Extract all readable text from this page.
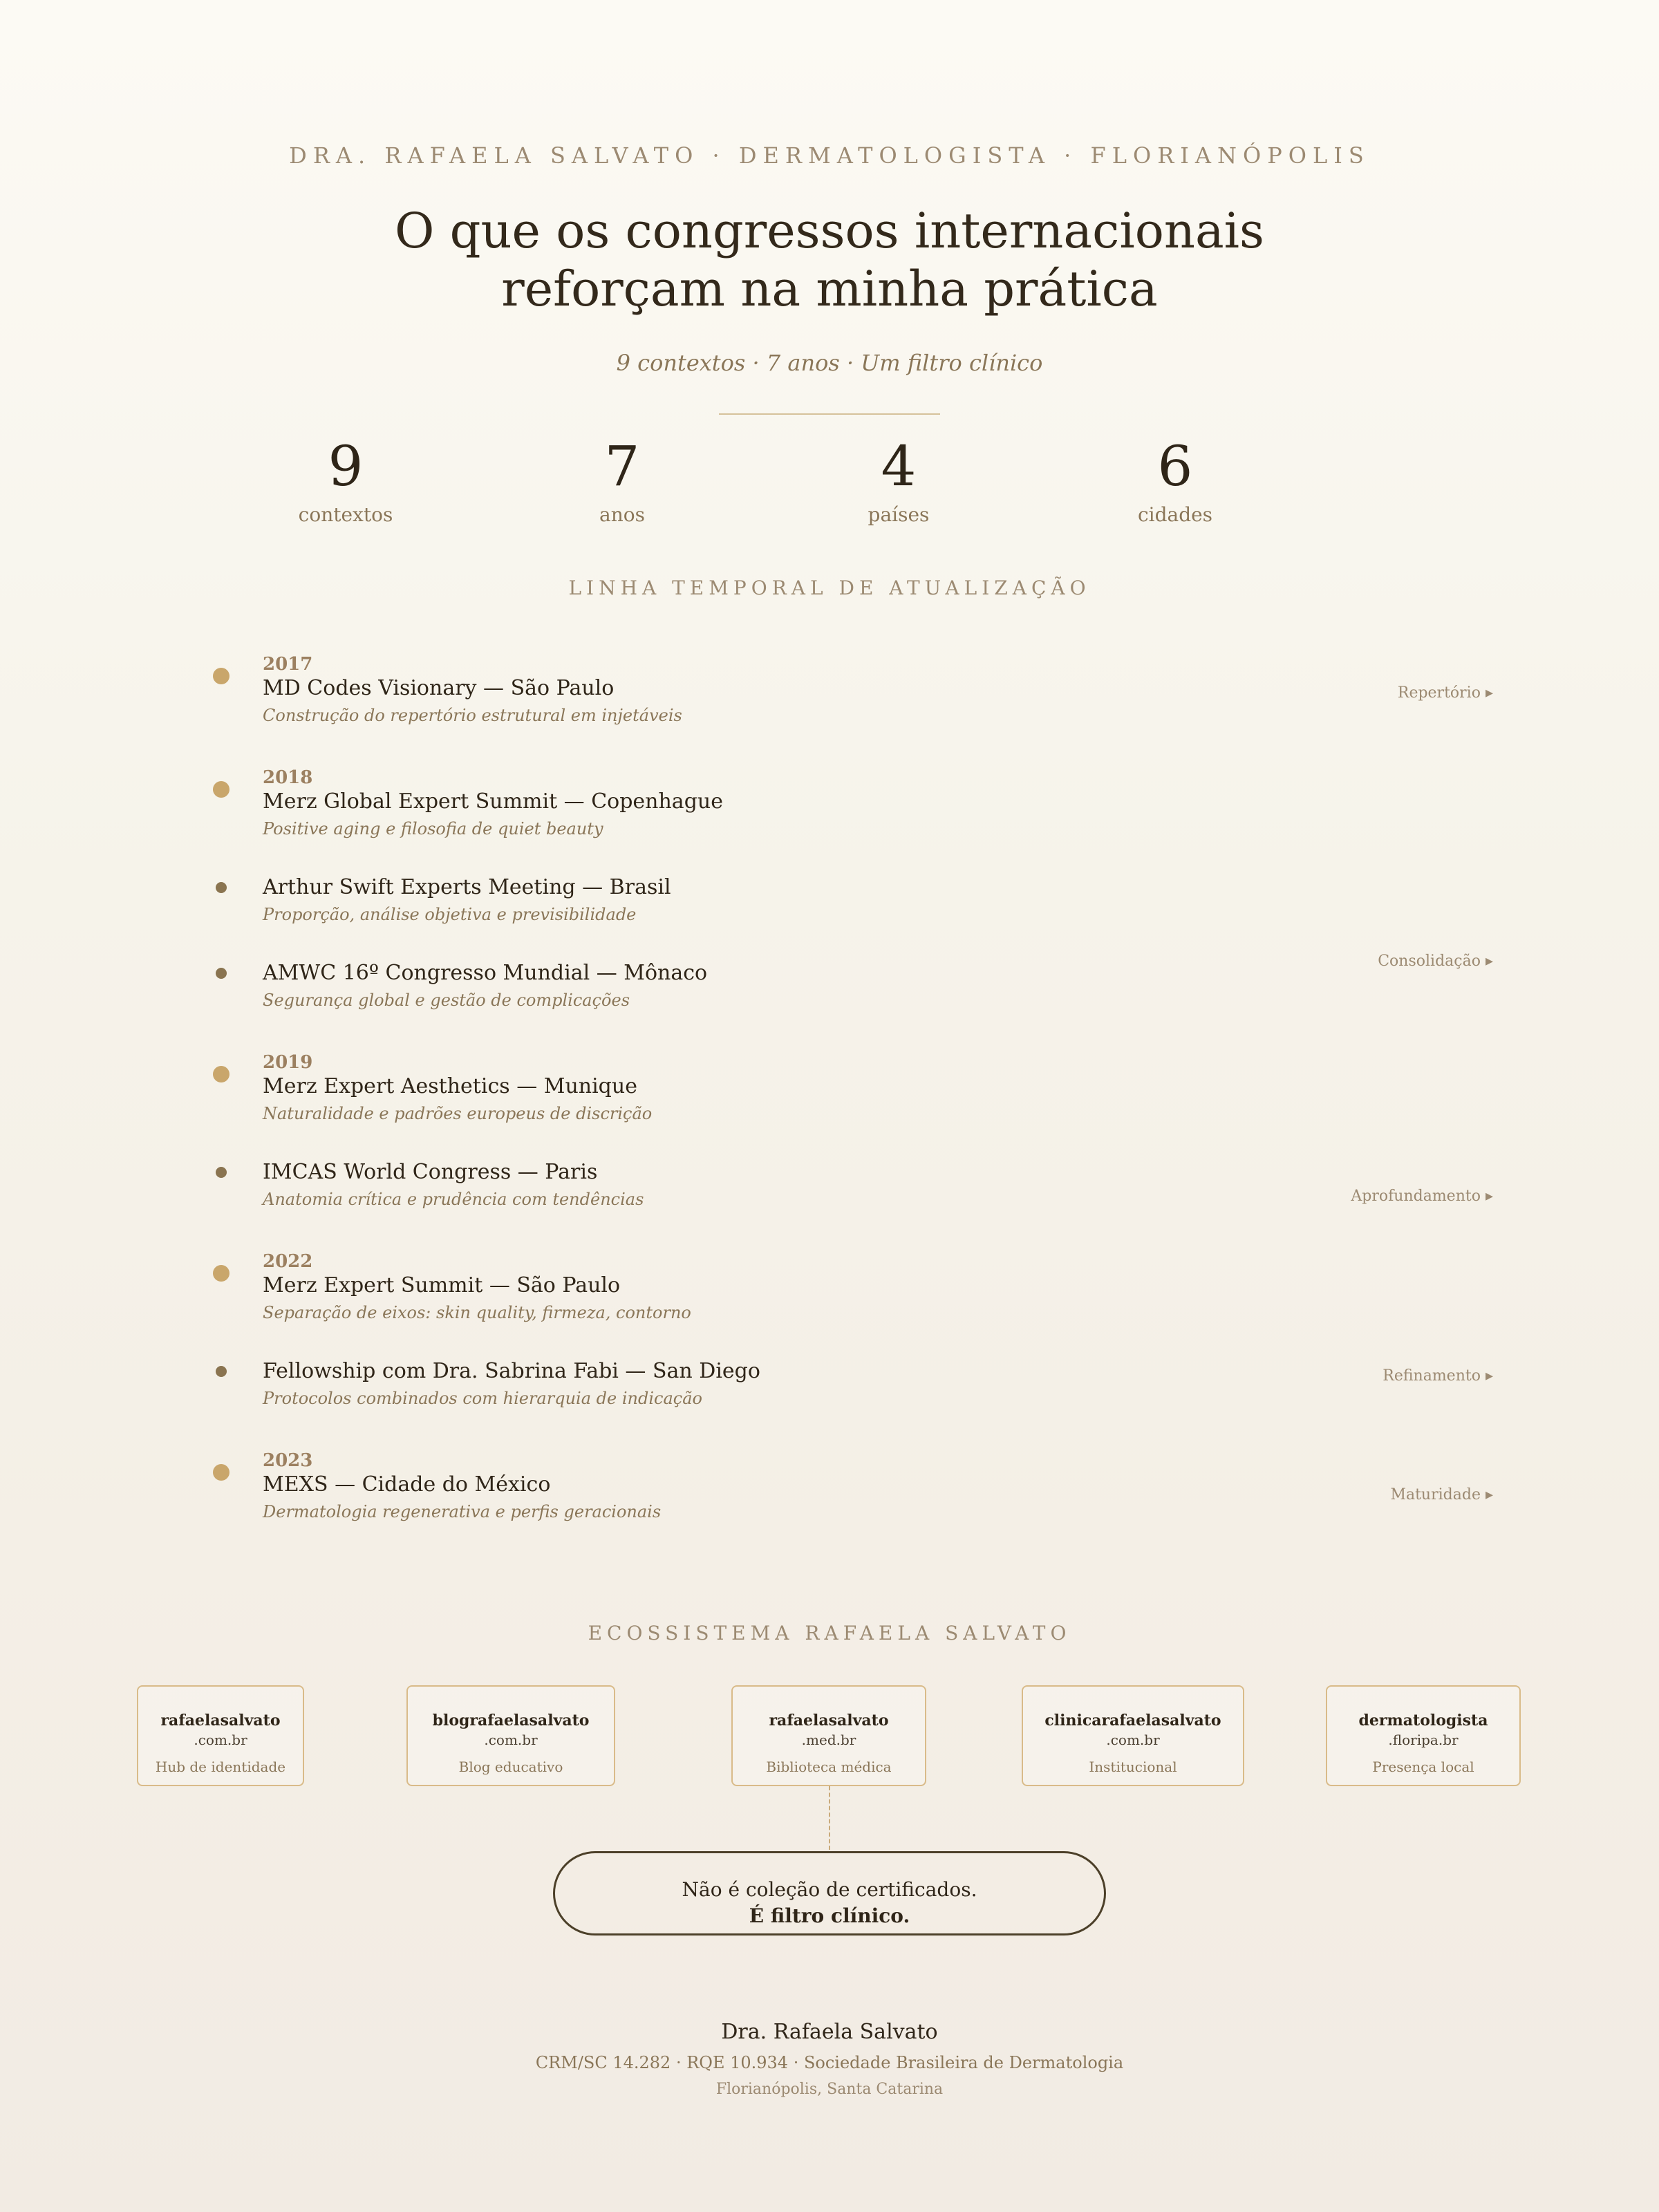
DRA. RAFAELA SALVATO · DERMATOLOGISTA · FLORIANÓPOLIS
O que os congressos internacionais
reforçam na minha prática
9 contextos · 7 anos · Um filtro clínico
9
contextos
7
anos
4
países
6
cidades
LINHA TEMPORAL DE ATUALIZAÇÃO
2017
MD Codes Visionary — São Paulo
Construção do repertório estrutural em injetáveis
2018
Merz Global Expert Summit — Copenhague
Positive aging e filosofia de quiet beauty
Arthur Swift Experts Meeting — Brasil
Proporção, análise objetiva e previsibilidade
AMWC 16º Congresso Mundial — Mônaco
Segurança global e gestão de complicações
2019
Merz Expert Aesthetics — Munique
Naturalidade e padrões europeus de discrição
IMCAS World Congress — Paris
Anatomia crítica e prudência com tendências
2022
Merz Expert Summit — São Paulo
Separação de eixos: skin quality, firmeza, contorno
Fellowship com Dra. Sabrina Fabi — San Diego
Protocolos combinados com hierarquia de indicação
2023
MEXS — Cidade do México
Dermatologia regenerativa e perfis geracionais
Repertório ▸
Consolidação ▸
Aprofundamento ▸
Refinamento ▸
Maturidade ▸
ECOSSISTEMA RAFAELA SALVATO
rafaelasalvato
.com.br
Hub de identidade
blografaelasalvato
.com.br
Blog educativo
rafaelasalvato
.med.br
Biblioteca médica
clinicarafaelasalvato
.com.br
Institucional
dermatologista
.floripa.br
Presença local
Não é coleção de certificados.
É filtro clínico.
Dra. Rafaela Salvato
CRM/SC 14.282 · RQE 10.934 · Sociedade Brasileira de Dermatologia
Florianópolis, Santa Catarina
